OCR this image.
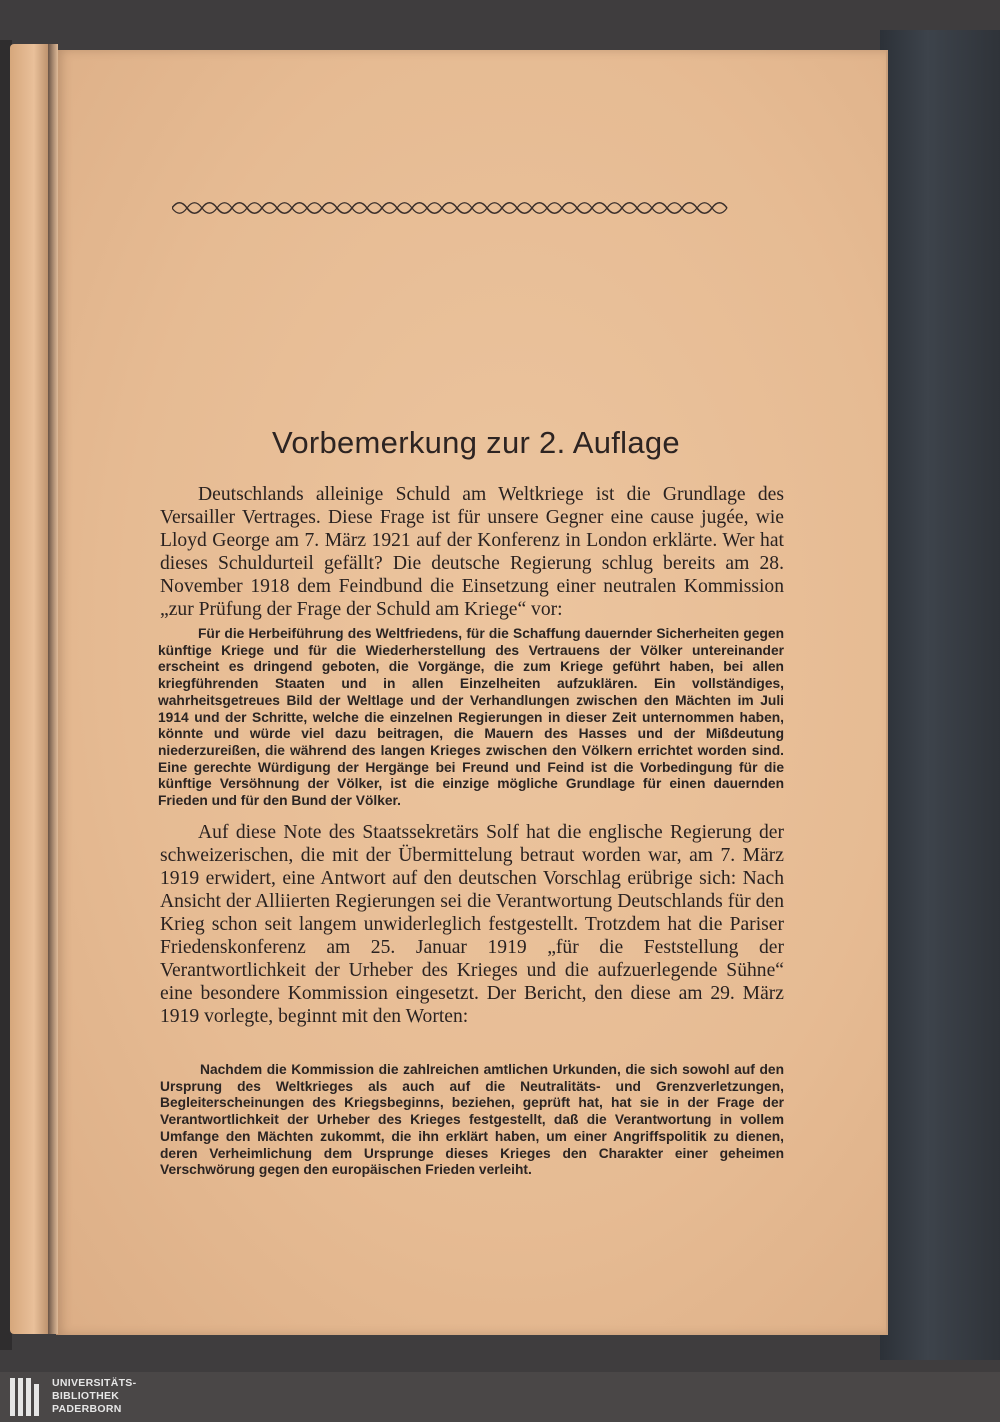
Vorbemerkung zur 2. Auflage
Deutschlands alleinige Schuld am Weltkriege ist die Grundlage des Versailler Vertrages. Diese Frage ist für unsere Gegner eine cause jugée, wie Lloyd George am 7. März 1921 auf der Konferenz in London erklärte. Wer hat dieses Schuldurteil gefällt? Die deutsche Regierung schlug bereits am 28. November 1918 dem Feindbund die Einsetzung einer neutralen Kommission „zur Prüfung der Frage der Schuld am Kriege“ vor:
Für die Herbeiführung des Weltfriedens, für die Schaffung dauernder Sicherheiten gegen künftige Kriege und für die Wiederherstellung des Vertrauens der Völker untereinander erscheint es dringend geboten, die Vorgänge, die zum Kriege geführt haben, bei allen kriegführenden Staaten und in allen Einzelheiten aufzuklären. Ein vollständiges, wahrheitsgetreues Bild der Weltlage und der Verhandlungen zwischen den Mächten im Juli 1914 und der Schritte, welche die einzelnen Regierungen in dieser Zeit unternommen haben, könnte und würde viel dazu beitragen, die Mauern des Hasses und der Mißdeutung niederzureißen, die während des langen Krieges zwischen den Völkern errichtet worden sind. Eine gerechte Würdigung der Hergänge bei Freund und Feind ist die Vorbedingung für die künftige Versöhnung der Völker, ist die einzige mögliche Grundlage für einen dauernden Frieden und für den Bund der Völker.
Auf diese Note des Staatssekretärs Solf hat die englische Regierung der schweizerischen, die mit der Übermittelung betraut worden war, am 7. März 1919 erwidert, eine Antwort auf den deutschen Vorschlag erübrige sich: Nach Ansicht der Alliierten Regierungen sei die Verantwortung Deutschlands für den Krieg schon seit langem unwiderleglich festgestellt. Trotzdem hat die Pariser Friedenskonferenz am 25. Januar 1919 „für die Feststellung der Verantwortlichkeit der Urheber des Krieges und die aufzuerlegende Sühne“ eine besondere Kommission eingesetzt. Der Bericht, den diese am 29. März 1919 vorlegte, beginnt mit den Worten:
Nachdem die Kommission die zahlreichen amtlichen Urkunden, die sich sowohl auf den Ursprung des Weltkrieges als auch auf die Neutralitäts- und Grenzverletzungen, Begleiterscheinungen des Kriegsbeginns, beziehen, geprüft hat, hat sie in der Frage der Verantwortlichkeit der Urheber des Krieges festgestellt, daß die Verantwortung in vollem Umfange den Mächten zukommt, die ihn erklärt haben, um einer Angriffspolitik zu dienen, deren Verheimlichung dem Ursprunge dieses Krieges den Charakter einer geheimen Verschwörung gegen den europäischen Frieden verleiht.
UNIVERSITÄTS-
BIBLIOTHEK
PADERBORN
